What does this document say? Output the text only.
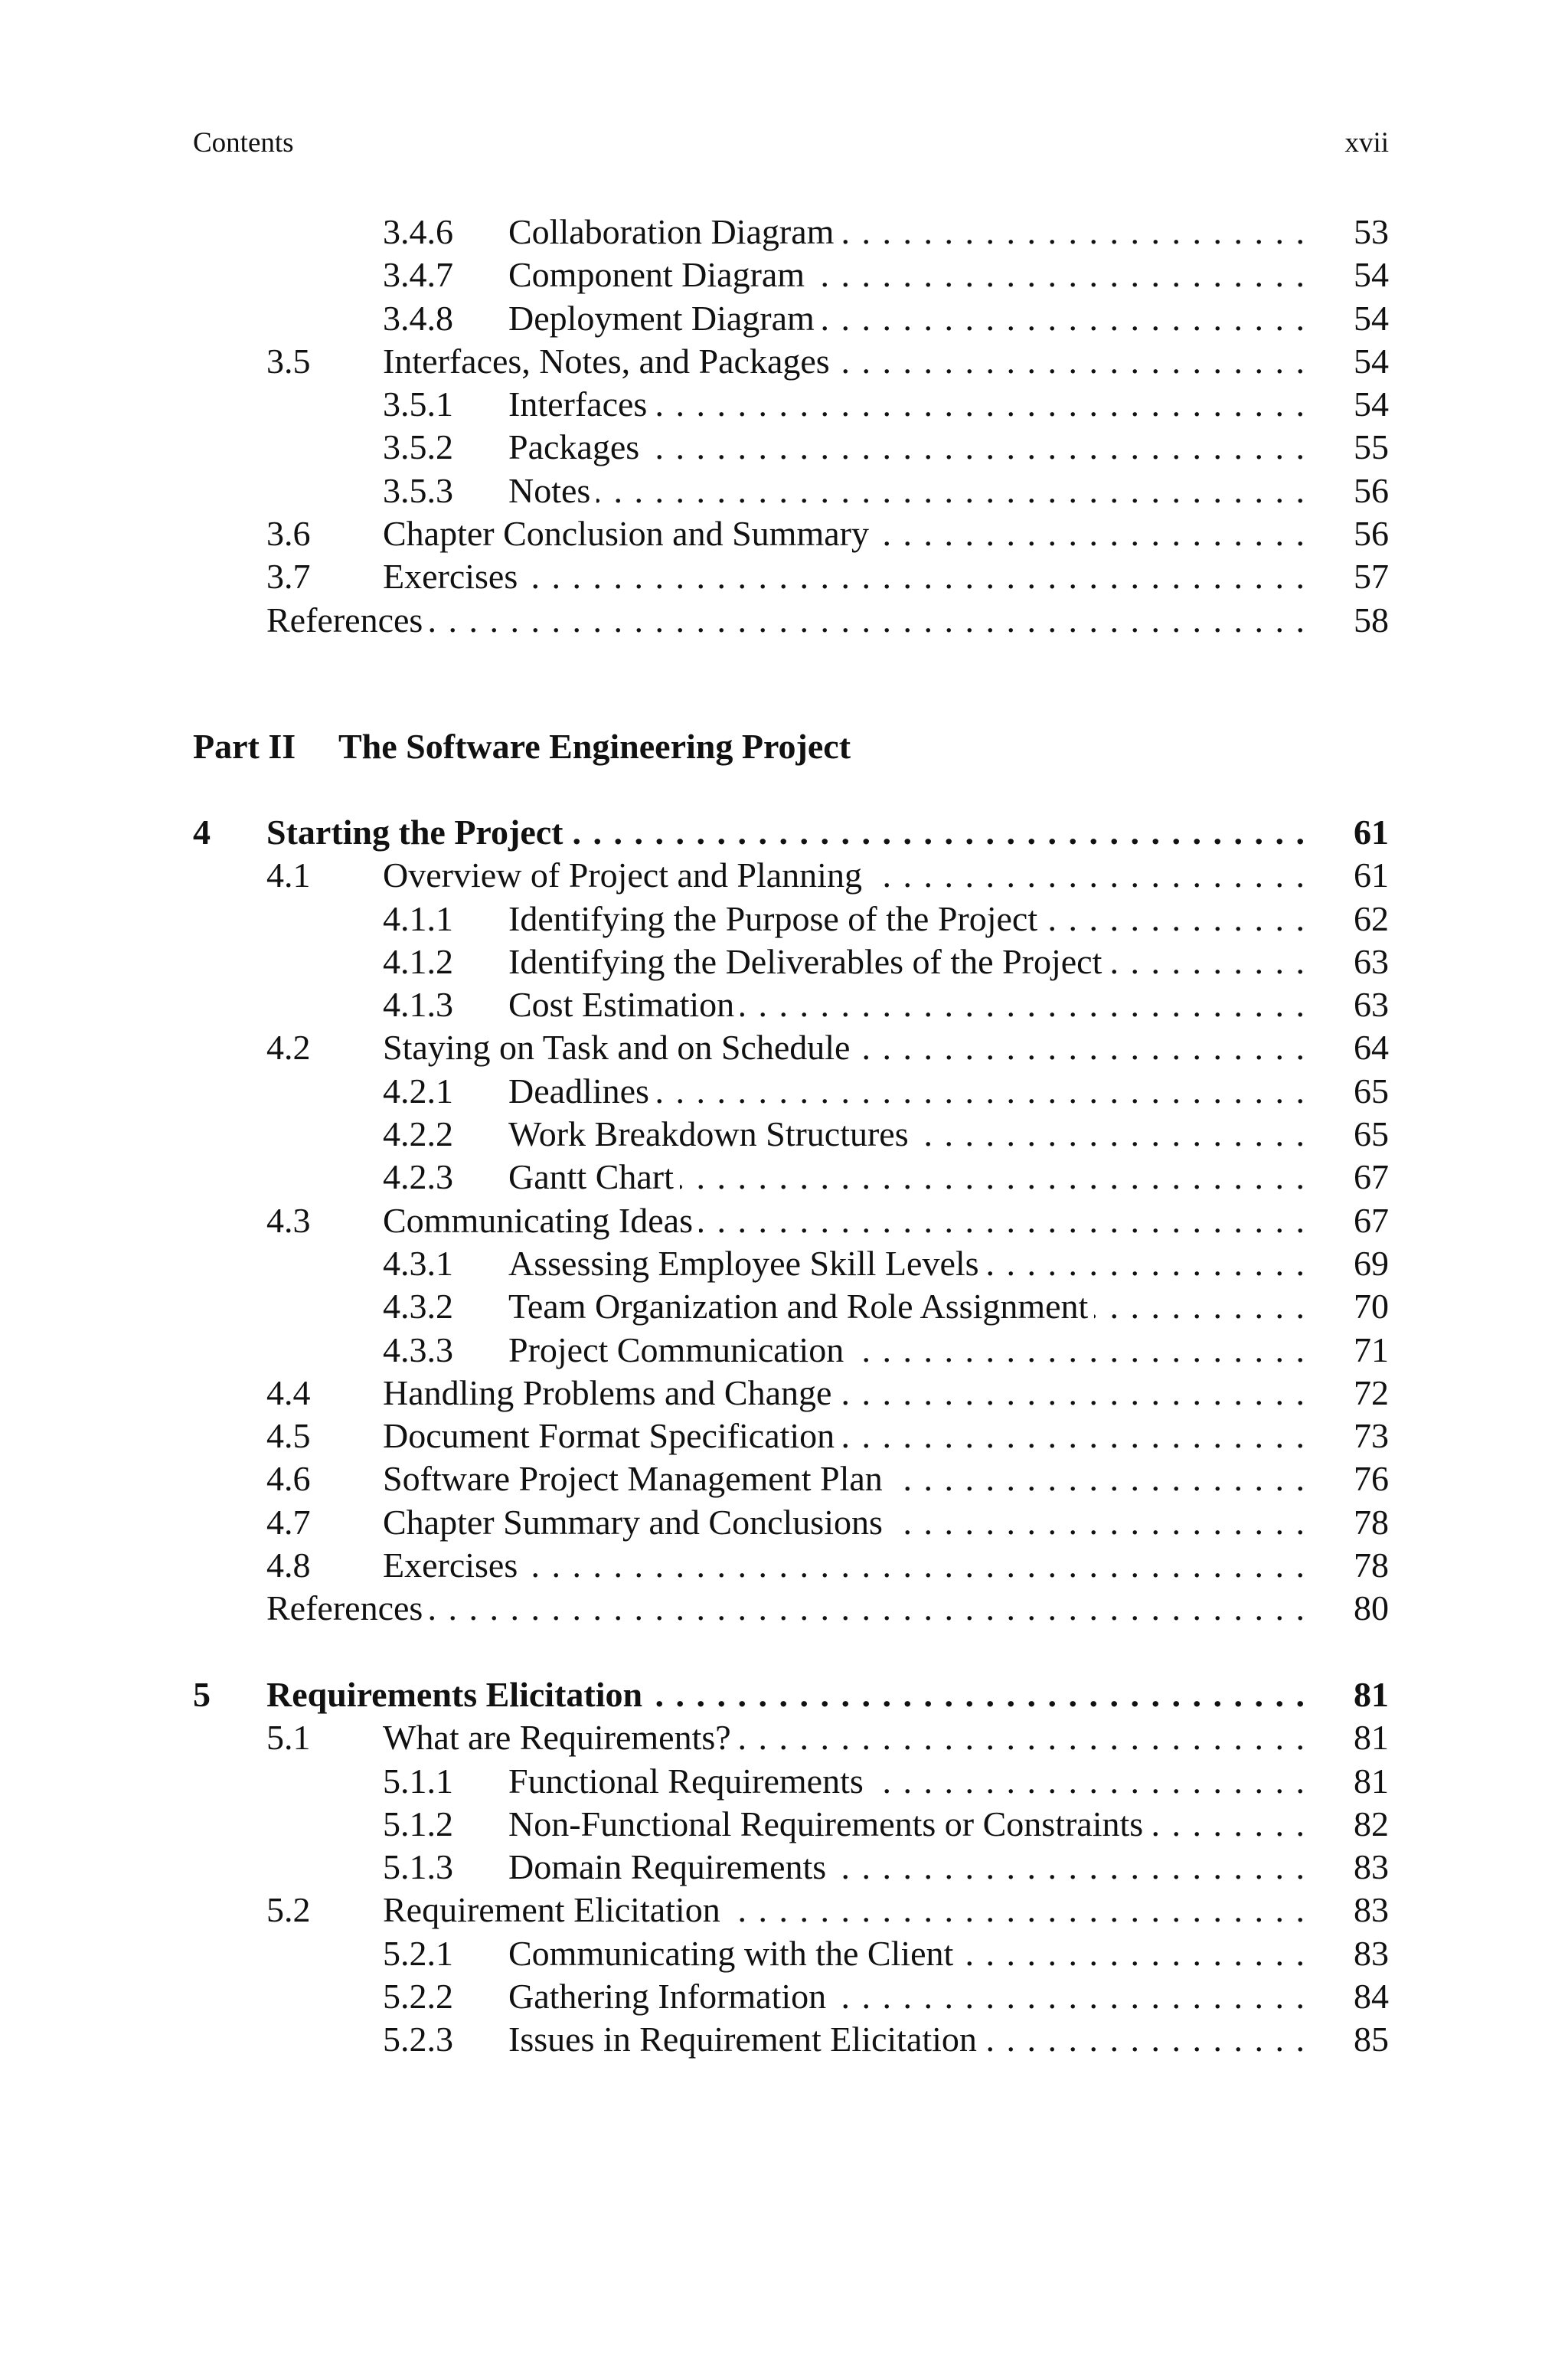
Contents	xvii
3.4.6 Collaboration Diagram . . .	53
3.4.7 Component Diagram . . .	54
3.4.8 Deployment Diagram . . .	54
3.5 Interfaces, Notes, and Packages . . .	54
3.5.1 Interfaces . . .	54
3.5.2 Packages . . .	55
3.5.3 Notes . . .	56
3.6 Chapter Conclusion and Summary . . .	56
3.7 Exercises . . .	57
References . . .	58
Part II The Software Engineering Project
4 Starting the Project . . .	61
4.1 Overview of Project and Planning . . .	61
4.1.1 Identifying the Purpose of the Project . . .	62
4.1.2 Identifying the Deliverables of the Project . . .	63
4.1.3 Cost Estimation . . .	63
4.2 Staying on Task and on Schedule . . .	64
4.2.1 Deadlines . . .	65
4.2.2 Work Breakdown Structures . . .	65
4.2.3 Gantt Chart . . .	67
4.3 Communicating Ideas . . .	67
4.3.1 Assessing Employee Skill Levels . . .	69
4.3.2 Team Organization and Role Assignment . . .	70
4.3.3 Project Communication . . .	71
4.4 Handling Problems and Change . . .	72
4.5 Document Format Specification . . .	73
4.6 Software Project Management Plan . . .	76
4.7 Chapter Summary and Conclusions . . .	78
4.8 Exercises . . .	78
References . . .	80
5 Requirements Elicitation . . .	81
5.1 What are Requirements? . . .	81
5.1.1 Functional Requirements . . .	81
5.1.2 Non-Functional Requirements or Constraints . . .	82
5.1.3 Domain Requirements . . .	83
5.2 Requirement Elicitation . . .	83
5.2.1 Communicating with the Client . . .	83
5.2.2 Gathering Information . . .	84
5.2.3 Issues in Requirement Elicitation . . .	85
